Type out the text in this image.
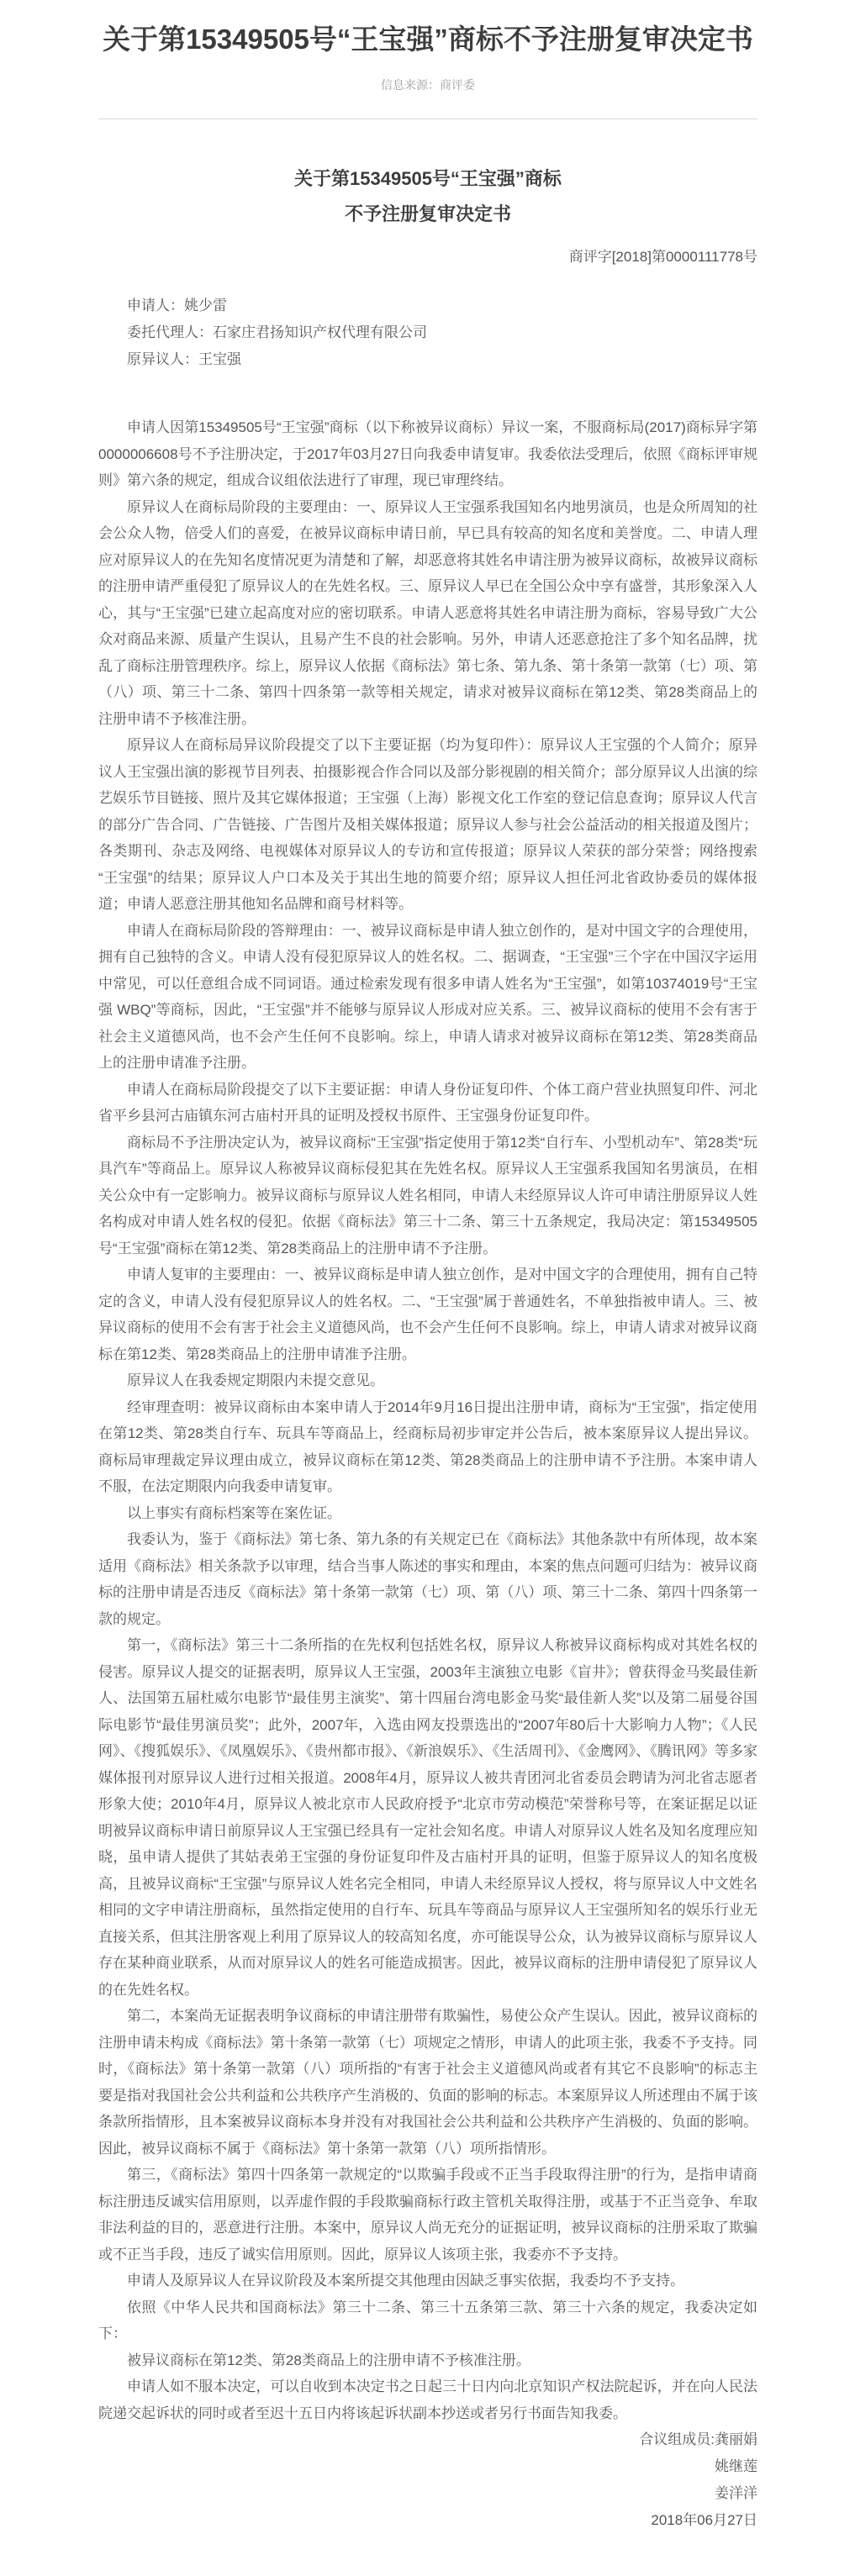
关于第15349505号“王宝强”商标不予注册复审决定书
信息来源：商评委
关于第15349505号“王宝强”商标
不予注册复审决定书
商评字[2018]第0000111778号

申请人：姚少雷

委托代理人：石家庄君扬知识产权代理有限公司

原异议人：王宝强

申请人因第15349505号“王宝强”商标（以下称被异议商标）异议一案，不服商标局(2017)商标异字第0000006608号不予注册决定，于2017年03月27日向我委申请复审。我委依法受理后，依照《商标评审规则》第六条的规定，组成合议组依法进行了审理，现已审理终结。

原异议人在商标局阶段的主要理由：一、原异议人王宝强系我国知名内地男演员，也是众所周知的社会公众人物，倍受人们的喜爱，在被异议商标申请日前，早已具有较高的知名度和美誉度。二、申请人理应对原异议人的在先知名度情况更为清楚和了解，却恶意将其姓名申请注册为被异议商标，故被异议商标的注册申请严重侵犯了原异议人的在先姓名权。三、原异议人早已在全国公众中享有盛誉，其形象深入人心，其与“王宝强”已建立起高度对应的密切联系。申请人恶意将其姓名申请注册为商标，容易导致广大公众对商品来源、质量产生误认，且易产生不良的社会影响。另外，申请人还恶意抢注了多个知名品牌，扰乱了商标注册管理秩序。综上，原异议人依据《商标法》第七条、第九条、第十条第一款第（七）项、第（八）项、第三十二条、第四十四条第一款等相关规定，请求对被异议商标在第12类、第28类商品上的注册申请不予核准注册。

原异议人在商标局异议阶段提交了以下主要证据（均为复印件）：原异议人王宝强的个人简介；原异议人王宝强出演的影视节目列表、拍摄影视合作合同以及部分影视剧的相关简介；部分原异议人出演的综艺娱乐节目链接、照片及其它媒体报道；王宝强（上海）影视文化工作室的登记信息查询；原异议人代言的部分广告合同、广告链接、广告图片及相关媒体报道；原异议人参与社会公益活动的相关报道及图片；各类期刊、杂志及网络、电视媒体对原异议人的专访和宣传报道；原异议人荣获的部分荣誉；网络搜索“王宝强”的结果；原异议人户口本及关于其出生地的简要介绍；原异议人担任河北省政协委员的媒体报道；申请人恶意注册其他知名品牌和商号材料等。

申请人在商标局阶段的答辩理由：一、被异议商标是申请人独立创作的，是对中国文字的合理使用，拥有自己独特的含义。申请人没有侵犯原异议人的姓名权。二、据调查，“王宝强”三个字在中国汉字运用中常见，可以任意组合成不同词语。通过检索发现有很多申请人姓名为“王宝强”，如第10374019号“王宝强 WBQ”等商标，因此，“王宝强”并不能够与原异议人形成对应关系。三、被异议商标的使用不会有害于社会主义道德风尚，也不会产生任何不良影响。综上，申请人请求对被异议商标在第12类、第28类商品上的注册申请准予注册。

申请人在商标局阶段提交了以下主要证据：申请人身份证复印件、个体工商户营业执照复印件、河北省平乡县河古庙镇东河古庙村开具的证明及授权书原件、王宝强身份证复印件。

商标局不予注册决定认为，被异议商标“王宝强”指定使用于第12类“自行车、小型机动车”、第28类“玩具汽车”等商品上。原异议人称被异议商标侵犯其在先姓名权。原异议人王宝强系我国知名男演员，在相关公众中有一定影响力。被异议商标与原异议人姓名相同，申请人未经原异议人许可申请注册原异议人姓名构成对申请人姓名权的侵犯。依据《商标法》第三十二条、第三十五条规定，我局决定：第15349505号“王宝强”商标在第12类、第28类商品上的注册申请不予注册。

申请人复审的主要理由：一、被异议商标是申请人独立创作，是对中国文字的合理使用，拥有自己特定的含义，申请人没有侵犯原异议人的姓名权。二、“王宝强”属于普通姓名，不单独指被申请人。三、被异议商标的使用不会有害于社会主义道德风尚，也不会产生任何不良影响。综上，申请人请求对被异议商标在第12类、第28类商品上的注册申请准予注册。

原异议人在我委规定期限内未提交意见。

经审理查明：被异议商标由本案申请人于2014年9月16日提出注册申请，商标为“王宝强”，指定使用在第12类、第28类自行车、玩具车等商品上，经商标局初步审定并公告后，被本案原异议人提出异议。商标局审理裁定异议理由成立，被异议商标在第12类、第28类商品上的注册申请不予注册。本案申请人不服，在法定期限内向我委申请复审。

以上事实有商标档案等在案佐证。

我委认为，鉴于《商标法》第七条、第九条的有关规定已在《商标法》其他条款中有所体现，故本案适用《商标法》相关条款予以审理，结合当事人陈述的事实和理由，本案的焦点问题可归结为：被异议商标的注册申请是否违反《商标法》第十条第一款第（七）项、第（八）项、第三十二条、第四十四条第一款的规定。

第一，《商标法》第三十二条所指的在先权利包括姓名权，原异议人称被异议商标构成对其姓名权的侵害。原异议人提交的证据表明，原异议人王宝强，2003年主演独立电影《盲井》；曾获得金马奖最佳新人、法国第五届杜威尔电影节“最佳男主演奖”、第十四届台湾电影金马奖“最佳新人奖”以及第二届曼谷国际电影节“最佳男演员奖”；此外，2007年，入选由网友投票选出的“2007年80后十大影响力人物”；《人民网》、《搜狐娱乐》、《凤凰娱乐》、《贵州都市报》、《新浪娱乐》、《生活周刊》、《金鹰网》、《腾讯网》等多家媒体报刊对原异议人进行过相关报道。2008年4月，原异议人被共青团河北省委员会聘请为河北省志愿者形象大使；2010年4月，原异议人被北京市人民政府授予“北京市劳动模范”荣誉称号等，在案证据足以证明被异议商标申请日前原异议人王宝强已经具有一定社会知名度。申请人对原异议人姓名及知名度理应知晓，虽申请人提供了其姑表弟王宝强的身份证复印件及古庙村开具的证明，但鉴于原异议人的知名度极高，且被异议商标“王宝强”与原异议人姓名完全相同，申请人未经原异议人授权，将与原异议人中文姓名相同的文字申请注册商标，虽然指定使用的自行车、玩具车等商品与原异议人王宝强所知名的娱乐行业无直接关系，但其注册客观上利用了原异议人的较高知名度，亦可能误导公众，认为被异议商标与原异议人存在某种商业联系，从而对原异议人的姓名可能造成损害。因此，被异议商标的注册申请侵犯了原异议人的在先姓名权。

第二，本案尚无证据表明争议商标的申请注册带有欺骗性，易使公众产生误认。因此，被异议商标的注册申请未构成《商标法》第十条第一款第（七）项规定之情形，申请人的此项主张，我委不予支持。同时，《商标法》第十条第一款第（八）项所指的“有害于社会主义道德风尚或者有其它不良影响”的标志主要是指对我国社会公共利益和公共秩序产生消极的、负面的影响的标志。本案原异议人所述理由不属于该条款所指情形，且本案被异议商标本身并没有对我国社会公共利益和公共秩序产生消极的、负面的影响。因此，被异议商标不属于《商标法》第十条第一款第（八）项所指情形。

第三，《商标法》第四十四条第一款规定的“以欺骗手段或不正当手段取得注册”的行为，是指申请商标注册违反诚实信用原则，以弄虚作假的手段欺骗商标行政主管机关取得注册，或基于不正当竞争、牟取非法利益的目的，恶意进行注册。本案中，原异议人尚无充分的证据证明，被异议商标的注册采取了欺骗或不正当手段，违反了诚实信用原则。因此，原异议人该项主张，我委亦不予支持。

申请人及原异议人在异议阶段及本案所提交其他理由因缺乏事实依据，我委均不予支持。

依照《中华人民共和国商标法》第三十二条、第三十五条第三款、第三十六条的规定，我委决定如下：

被异议商标在第12类、第28类商品上的注册申请不予核准注册。

申请人如不服本决定，可以自收到本决定书之日起三十日内向北京知识产权法院起诉，并在向人民法院递交起诉状的同时或者至迟十五日内将该起诉状副本抄送或者另行书面告知我委。

合议组成员:龚丽娟

姚继莲

姜洋洋

2018年06月27日
